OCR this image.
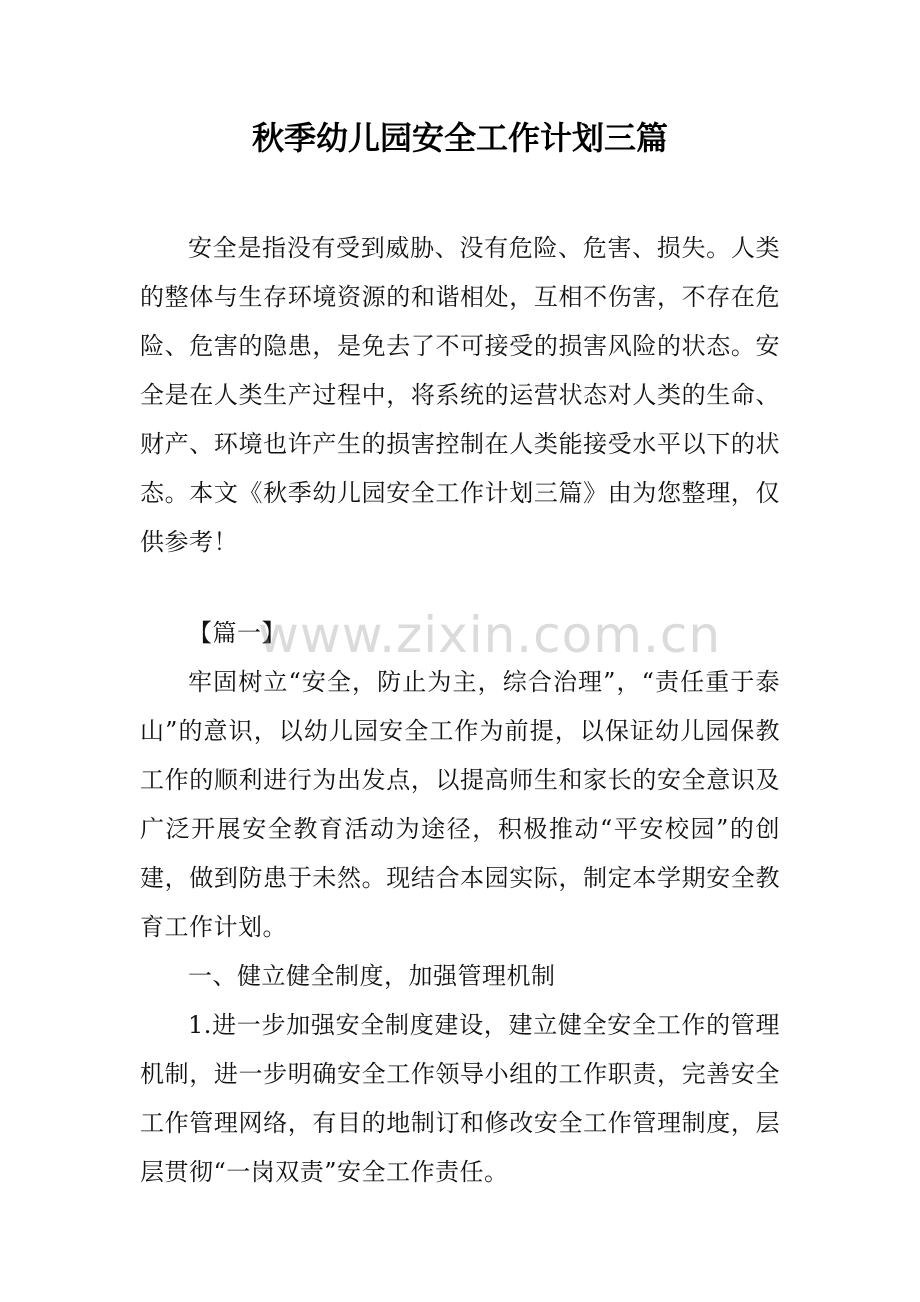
秋季幼儿园安全工作计划三篇

安全是指没有受到威胁、没有危险、危害、损失。人类的整体与生存环境资源的和谐相处，互相不伤害，不存在危险、危害的隐患，是免去了不可接受的损害风险的状态。安全是在人类生产过程中，将系统的运营状态对人类的生命、财产、环境也许产生的损害控制在人类能接受水平以下的状态。本文《秋季幼儿园安全工作计划三篇》由为您整理，仅供参考！

【篇一】

牢固树立“安全，防止为主，综合治理”，“责任重于泰山”的意识，以幼儿园安全工作为前提，以保证幼儿园保教工作的顺利进行为出发点，以提高师生和家长的安全意识及广泛开展安全教育活动为途径，积极推动“平安校园”的创建，做到防患于未然。现结合本园实际，制定本学期安全教育工作计划。

一、健立健全制度，加强管理机制

1.进一步加强安全制度建设，建立健全安全工作的管理机制，进一步明确安全工作领导小组的工作职责，完善安全工作管理网络，有目的地制订和修改安全工作管理制度，层层贯彻“一岗双责”安全工作责任。

www.zixin.com.cn
